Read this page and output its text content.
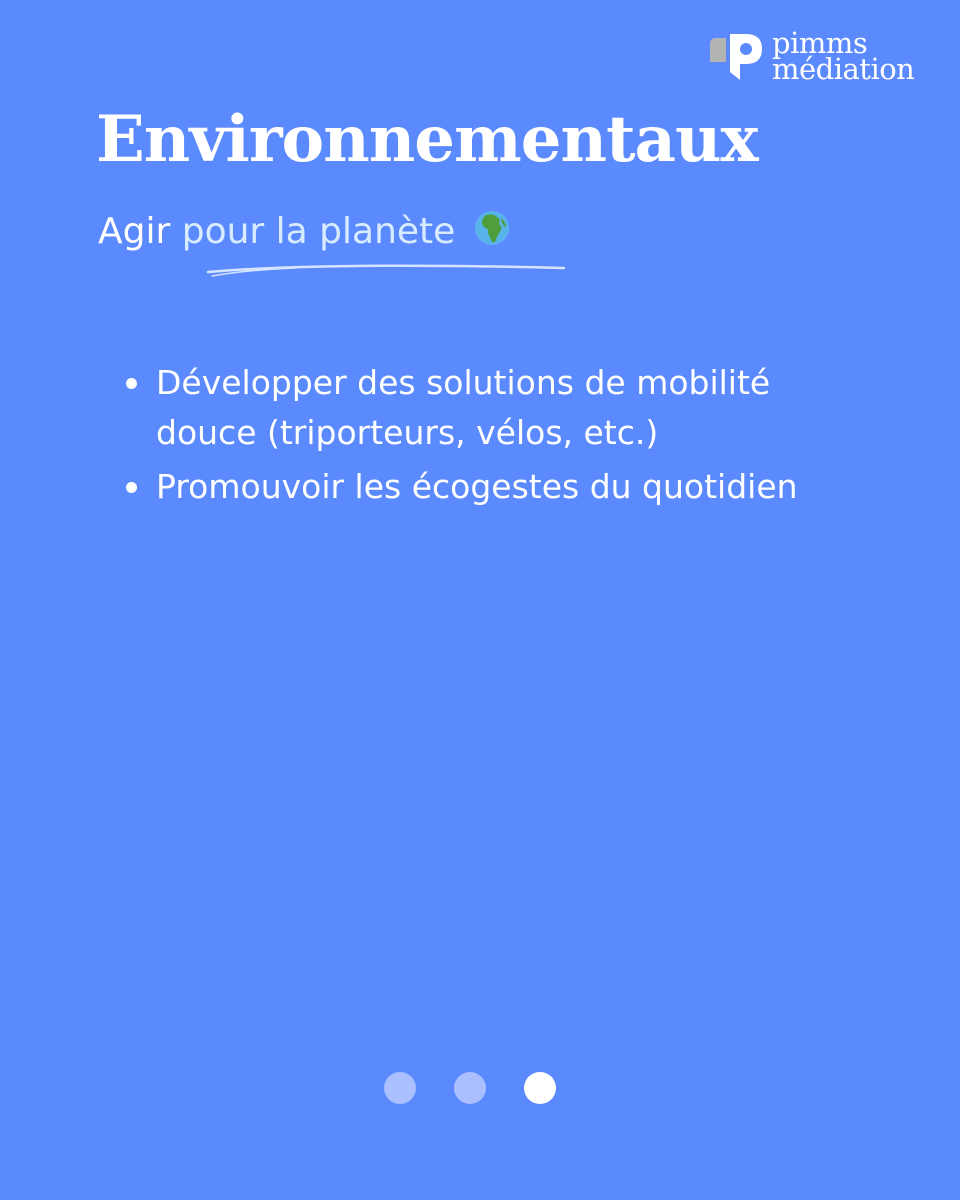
pimms
médiation
Environnementaux
Agir pour la planète
Développer des solutions de mobilité douce (triporteurs, vélos, etc.)
Promouvoir les écogestes du quotidien
